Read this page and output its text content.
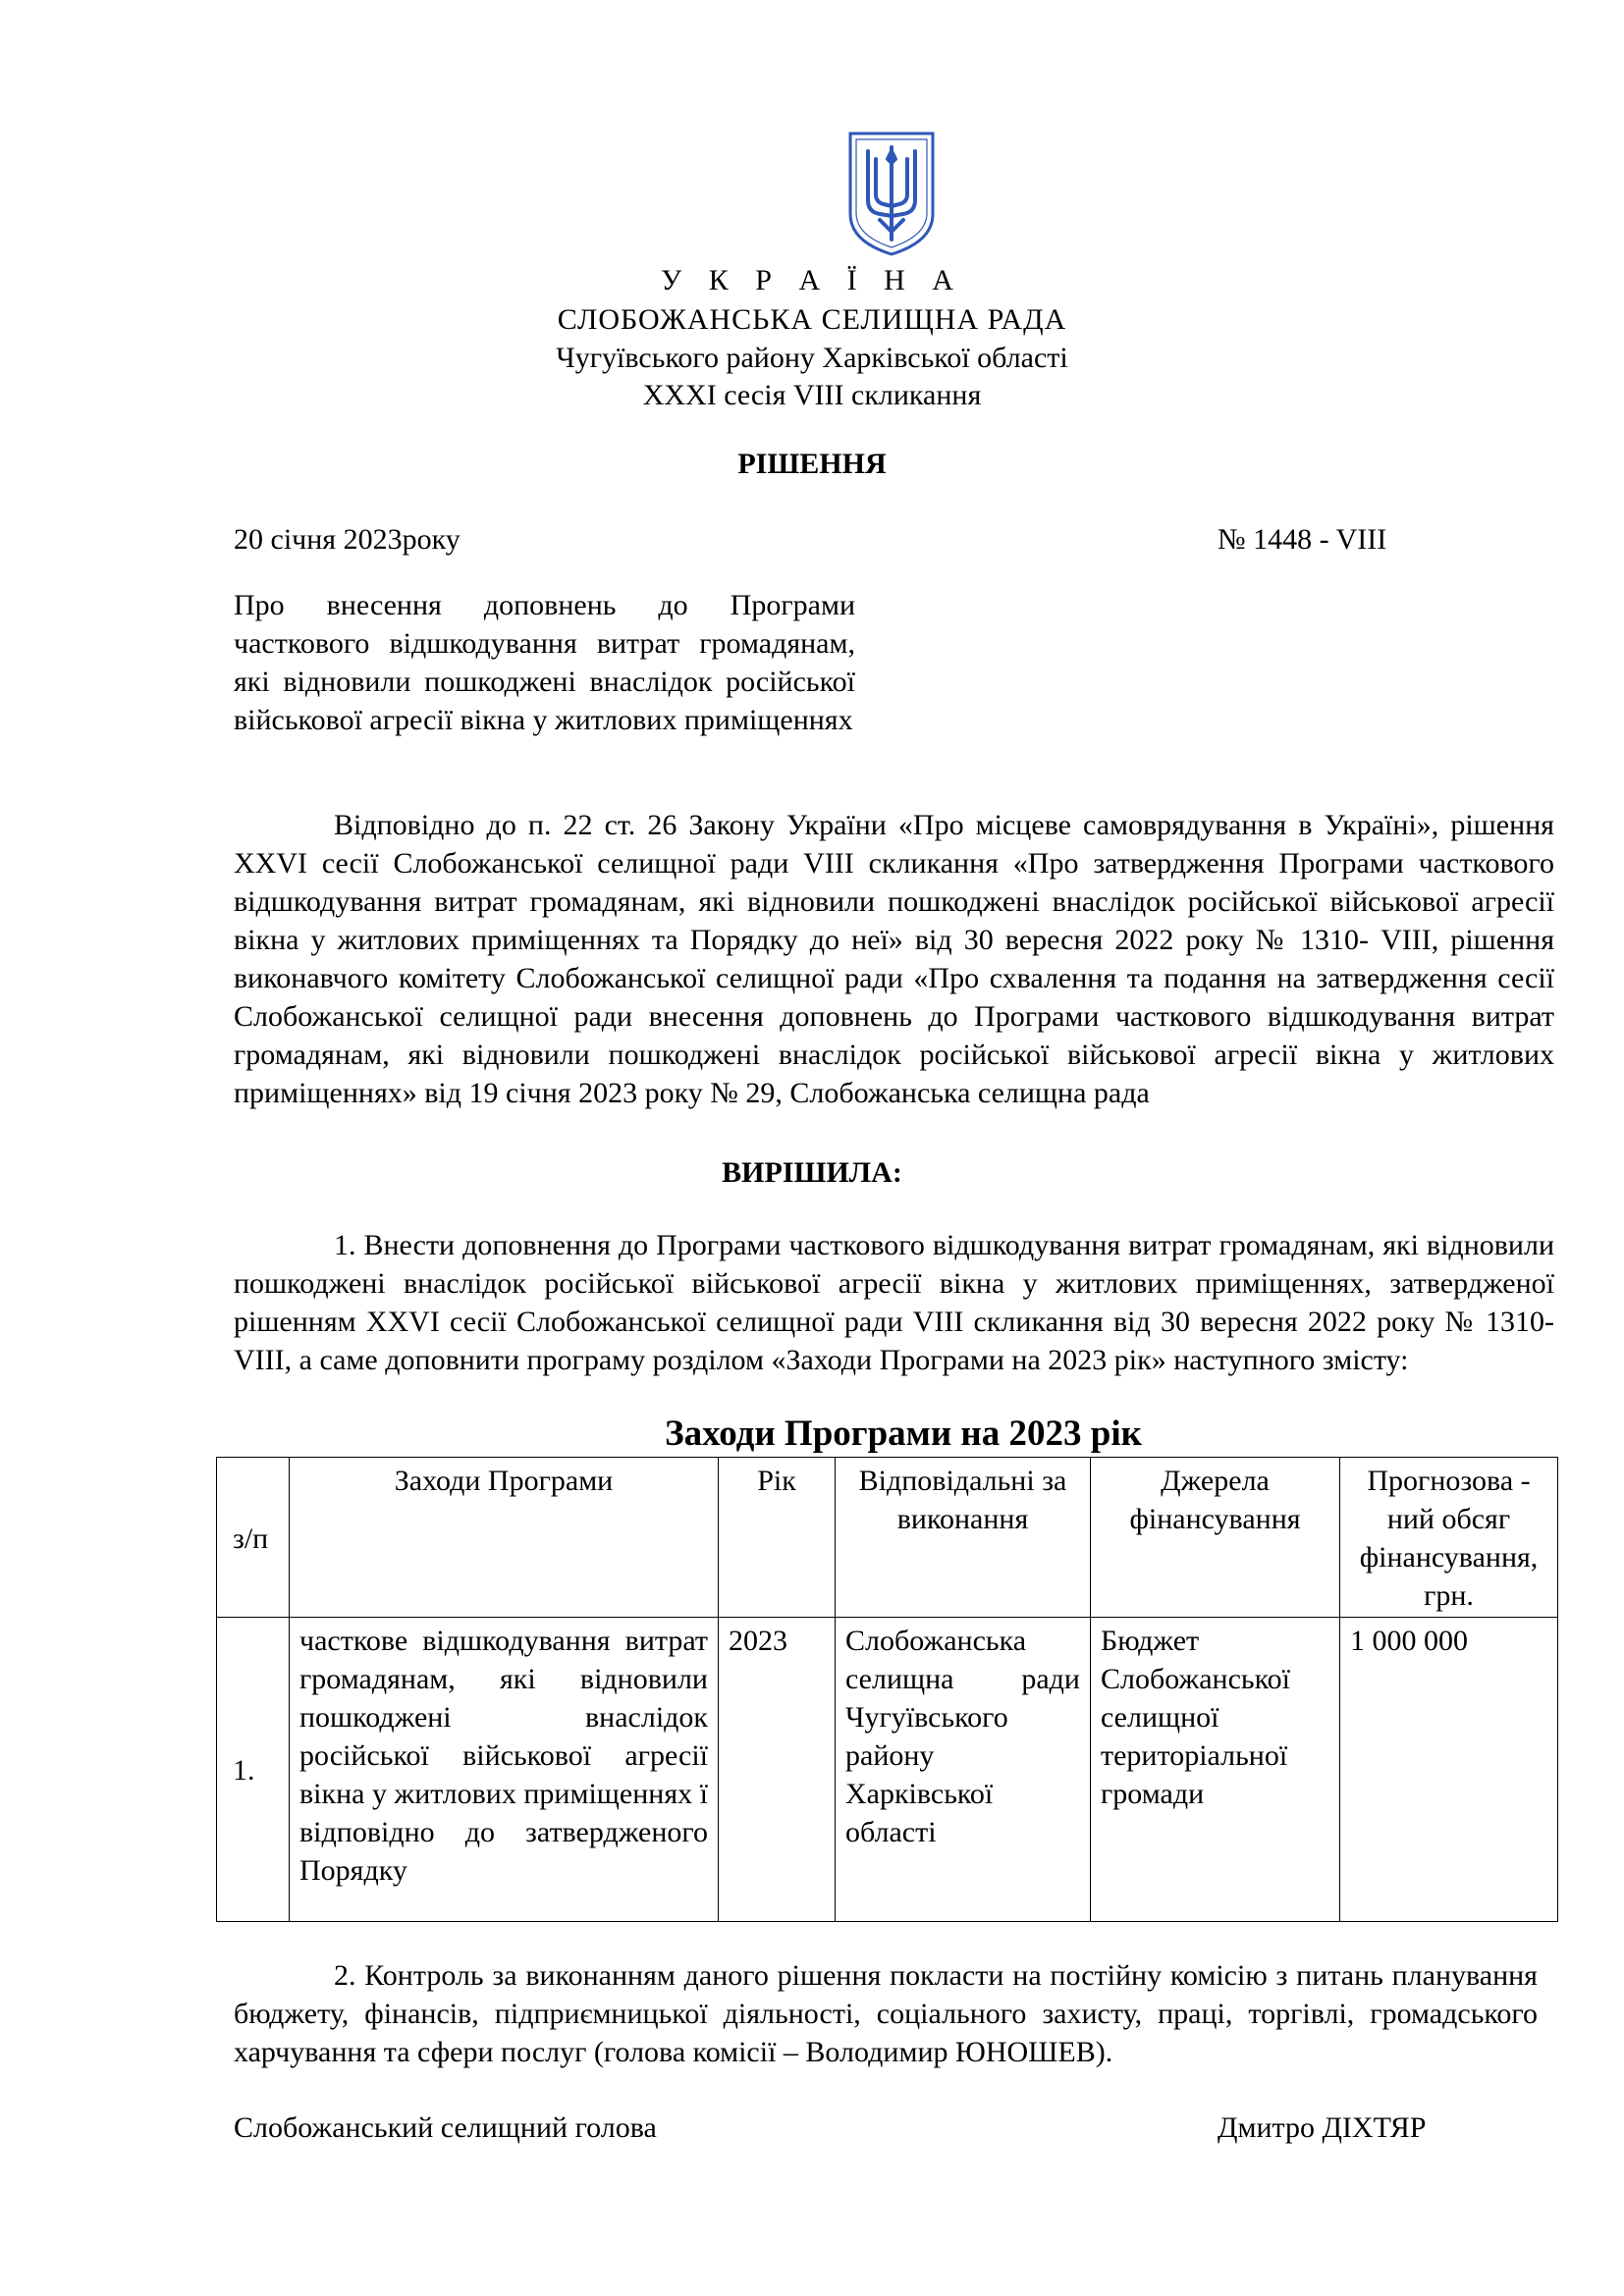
У К Р А Ї Н А
СЛОБОЖАНСЬКА СЕЛИЩНА РАДА
Чугуївського району Харківської області
XXXI сесія VIII скликання
РІШЕННЯ
20 січня 2023року	№ 1448 - VIII
Про внесення доповнень до Програми часткового відшкодування витрат громадянам, які відновили пошкоджені внаслідок російської військової агресії вікна у житлових приміщеннях
Відповідно до п. 22 ст. 26 Закону України «Про місцеве самоврядування в Україні», рішення XXVI сесії Слобожанської селищної ради VIII скликання «Про затвердження Програми часткового відшкодування витрат громадянам, які відновили пошкоджені внаслідок російської військової агресії вікна у житлових приміщеннях та Порядку до неї» від 30 вересня 2022 року № 1310- VIII, рішення виконавчого комітету Слобожанської селищної ради «Про схвалення та подання на затвердження сесії Слобожанської селищної ради внесення доповнень до Програми часткового відшкодування витрат громадянам, які відновили пошкоджені внаслідок російської військової агресії вікна у житлових приміщеннях» від 19 січня 2023 року № 29, Слобожанська селищна рада
ВИРІШИЛА:
1. Внести доповнення до Програми часткового відшкодування витрат громадянам, які відновили пошкоджені внаслідок російської військової агресії вікна у житлових приміщеннях, затвердженої рішенням XXVI сесії Слобожанської селищної ради VIII скликання від 30 вересня 2022 року № 1310- VIII, а саме доповнити програму розділом «Заходи Програми на 2023 рік» наступного змісту:
Заходи Програми на 2023 рік
з/п	Заходи Програми	Рік	Відповідальні за виконання	Джерела фінансування	Прогнозова - ний обсяг фінансування, грн.
1.	часткове відшкодування витрат громадянам, які відновили пошкоджені внаслідок російської військової агресії вікна у житлових приміщеннях ї відповідно до затвердженого Порядку	2023	Слобожанська селищна ради Чугуївського району Харківської області	Бюджет Слобожанської селищної територіальної громади	1 000 000
2. Контроль за виконанням даного рішення покласти на постійну комісію з питань планування бюджету, фінансів, підприємницької діяльності, соціального захисту, праці, торгівлі, громадського харчування та сфери послуг (голова комісії – Володимир ЮНОШЕВ).
Слобожанський селищний голова	Дмитро ДІХТЯР
